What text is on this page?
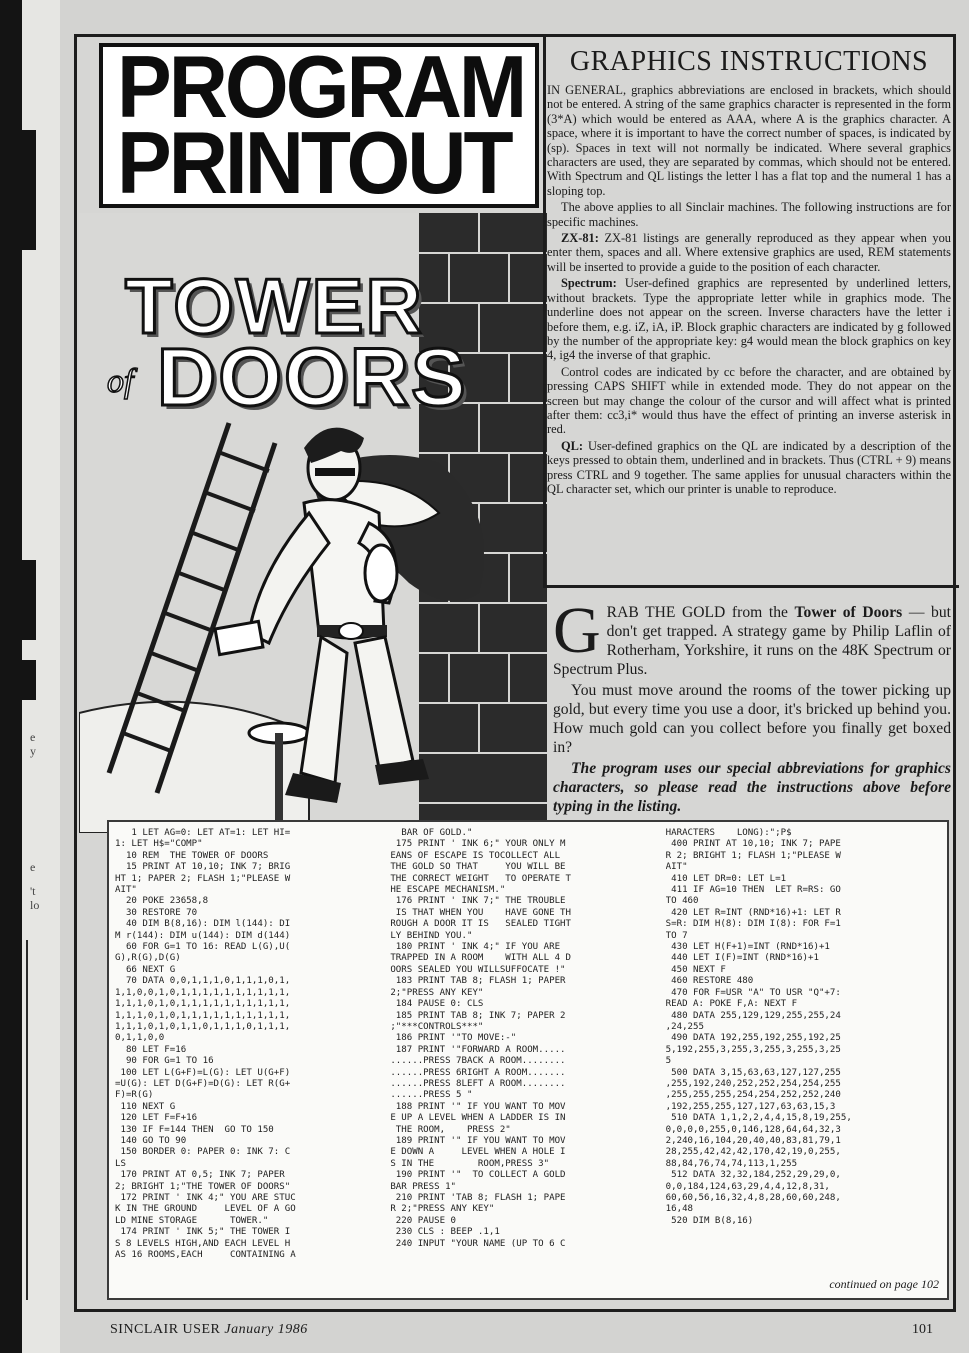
e
y
e
't
lo
PROGRAM
PRINTOUT
TOWER
of DOORS
GRAPHICS INSTRUCTIONS

IN GENERAL, graphics abbreviations are enclosed in brackets, which should not be entered. A string of the same graphics character is represented in the form (3*A) which would be entered as AAA, where A is the graphics character. A space, where it is important to have the correct number of spaces, is indicated by (sp). Spaces in text will not normally be indicated. Where several graphics characters are used, they are separated by commas, which should not be entered. With Spectrum and QL listings the letter l has a flat top and the numeral 1 has a sloping top.

The above applies to all Sinclair machines. The following instructions are for specific machines.

ZX-81: ZX-81 listings are generally reproduced as they appear when you enter them, spaces and all. Where extensive graphics are used, REM statements will be inserted to provide a guide to the position of each character.

Spectrum: User-defined graphics are represented by underlined letters, without brackets. Type the appropriate letter while in graphics mode. The underline does not appear on the screen. Inverse characters have the letter i before them, e.g. iZ, iA, iP. Block graphic characters are indicated by g followed by the number of the appropriate key: g4 would mean the block graphics on key 4, ig4 the inverse of that graphic.

Control codes are indicated by cc before the character, and are obtained by pressing CAPS SHIFT while in extended mode. They do not appear on the screen but may change the colour of the cursor and will affect what is printed after them: cc3,i* would thus have the effect of printing an inverse asterisk in red.

QL: User-defined graphics on the QL are indicated by a description of the keys pressed to obtain them, underlined and in brackets. Thus (CTRL + 9) means press CTRL and 9 together. The same applies for unusual characters within the QL character set, which our printer is unable to reproduce.

G RAB THE GOLD from the Tower of Doors — but don't get trapped. A strategy game by Philip Laflin of Rotherham, Yorkshire, it runs on the 48K Spectrum or Spectrum Plus.

You must move around the rooms of the tower picking up gold, but every time you use a door, it's bricked up behind you. How much gold can you collect before you finally get boxed in?

The program uses our special abbreviations for graphics characters, so please read the instructions above before typing in the listing.

1 LET AG=0: LET AT=1: LET HI=
1: LET H$="COMP"
10 REM  THE TOWER OF DOORS
15 PRINT AT 10,10; INK 7; BRIG
HT 1; PAPER 2; FLASH 1;"PLEASE W
AIT"
20 POKE 23658,8
30 RESTORE 70
40 DIM B(8,16): DIM l(144): DI
M r(144): DIM u(144): DIM d(144)
60 FOR G=1 TO 16: READ L(G),U(
G),R(G),D(G)
66 NEXT G
70 DATA 0,0,1,1,1,0,1,1,1,0,1,
1,1,0,0,1,0,1,1,1,1,1,1,1,1,1,1,
1,1,1,0,1,0,1,1,1,1,1,1,1,1,1,1,
1,1,1,0,1,0,1,1,1,1,1,1,1,1,1,1,
1,1,1,0,1,0,1,1,0,1,1,1,0,1,1,1,
0,1,1,0,0
80 LET F=16
90 FOR G=1 TO 16
100 LET L(G+F)=L(G): LET U(G+F)
=U(G): LET D(G+F)=D(G): LET R(G+
F)=R(G)
110 NEXT G
120 LET F=F+16
130 IF F=144 THEN  GO TO 150
140 GO TO 90
150 BORDER 0: PAPER 0: INK 7: C
LS
170 PRINT AT 0,5; INK 7; PAPER
2; BRIGHT 1;"THE TOWER OF DOORS"
172 PRINT ' INK 4;" YOU ARE STUC
K IN THE GROUND     LEVEL OF A GO
LD MINE STORAGE      TOWER."
174 PRINT ' INK 5;" THE TOWER I
S 8 LEVELS HIGH,AND EACH LEVEL H
AS 16 ROOMS,EACH     CONTAINING A
BAR OF GOLD."
175 PRINT ' INK 6;" YOUR ONLY M
EANS OF ESCAPE IS TOCOLLECT ALL
THE GOLD SO THAT     YOU WILL BE
THE CORRECT WEIGHT   TO OPERATE T
HE ESCAPE MECHANISM."
176 PRINT ' INK 7;" THE TROUBLE
IS THAT WHEN YOU    HAVE GONE TH
ROUGH A DOOR IT IS   SEALED TIGHT
LY BEHIND YOU."
180 PRINT ' INK 4;" IF YOU ARE
TRAPPED IN A ROOM    WITH ALL 4 D
OORS SEALED YOU WILLSUFFOCATE !"
183 PRINT TAB 8; FLASH 1; PAPER
2;"PRESS ANY KEY"
184 PAUSE 0: CLS
185 PRINT TAB 8; INK 7; PAPER 2
;"***CONTROLS***"
186 PRINT '"TO MOVE:-"
187 PRINT '"FORWARD A ROOM.....
......PRESS 7BACK A ROOM........
......PRESS 6RIGHT A ROOM.......
......PRESS 8LEFT A ROOM........
......PRESS 5 "
188 PRINT '" IF YOU WANT TO MOV
E UP A LEVEL WHEN A LADDER IS IN
THE ROOM,    PRESS 2"
189 PRINT '" IF YOU WANT TO MOV
E DOWN A     LEVEL WHEN A HOLE I
S IN THE        ROOM,PRESS 3"
190 PRINT '"  TO COLLECT A GOLD
BAR PRESS 1"
210 PRINT 'TAB 8; FLASH 1; PAPE
R 2;"PRESS ANY KEY"
220 PAUSE 0
230 CLS : BEEP .1,1
240 INPUT "YOUR NAME (UP TO 6 C
HARACTERS    LONG):";P$
400 PRINT AT 10,10; INK 7; PAPE
R 2; BRIGHT 1; FLASH 1;"PLEASE W
AIT"
410 LET DR=0: LET L=1
411 IF AG=10 THEN  LET R=RS: GO
TO 460
420 LET R=INT (RND*16)+1: LET R
S=R: DIM H(8): DIM I(8): FOR F=1
TO 7
430 LET H(F+1)=INT (RND*16)+1
440 LET I(F)=INT (RND*16)+1
450 NEXT F
460 RESTORE 480
470 FOR F=USR "A" TO USR "Q"+7:
READ A: POKE F,A: NEXT F
480 DATA 255,129,129,255,255,24
,24,255
490 DATA 192,255,192,255,192,25
5,192,255,3,255,3,255,3,255,3,25
5
500 DATA 3,15,63,63,127,127,255
,255,192,240,252,252,254,254,255
,255,255,255,254,254,252,252,240
,192,255,255,127,127,63,63,15,3
510 DATA 1,1,2,2,4,4,15,8,19,255,
0,0,0,0,255,0,146,128,64,64,32,3
2,240,16,104,20,40,40,83,81,79,1
28,255,42,42,42,170,42,19,0,255,
88,84,76,74,74,113,1,255
512 DATA 32,32,184,252,29,29,0,
0,0,184,124,63,29,4,4,12,8,31,
60,60,56,16,32,4,8,28,60,60,248,
16,48
520 DIM B(8,16)
continued on page 102
SINCLAIR USER January 1986	101
